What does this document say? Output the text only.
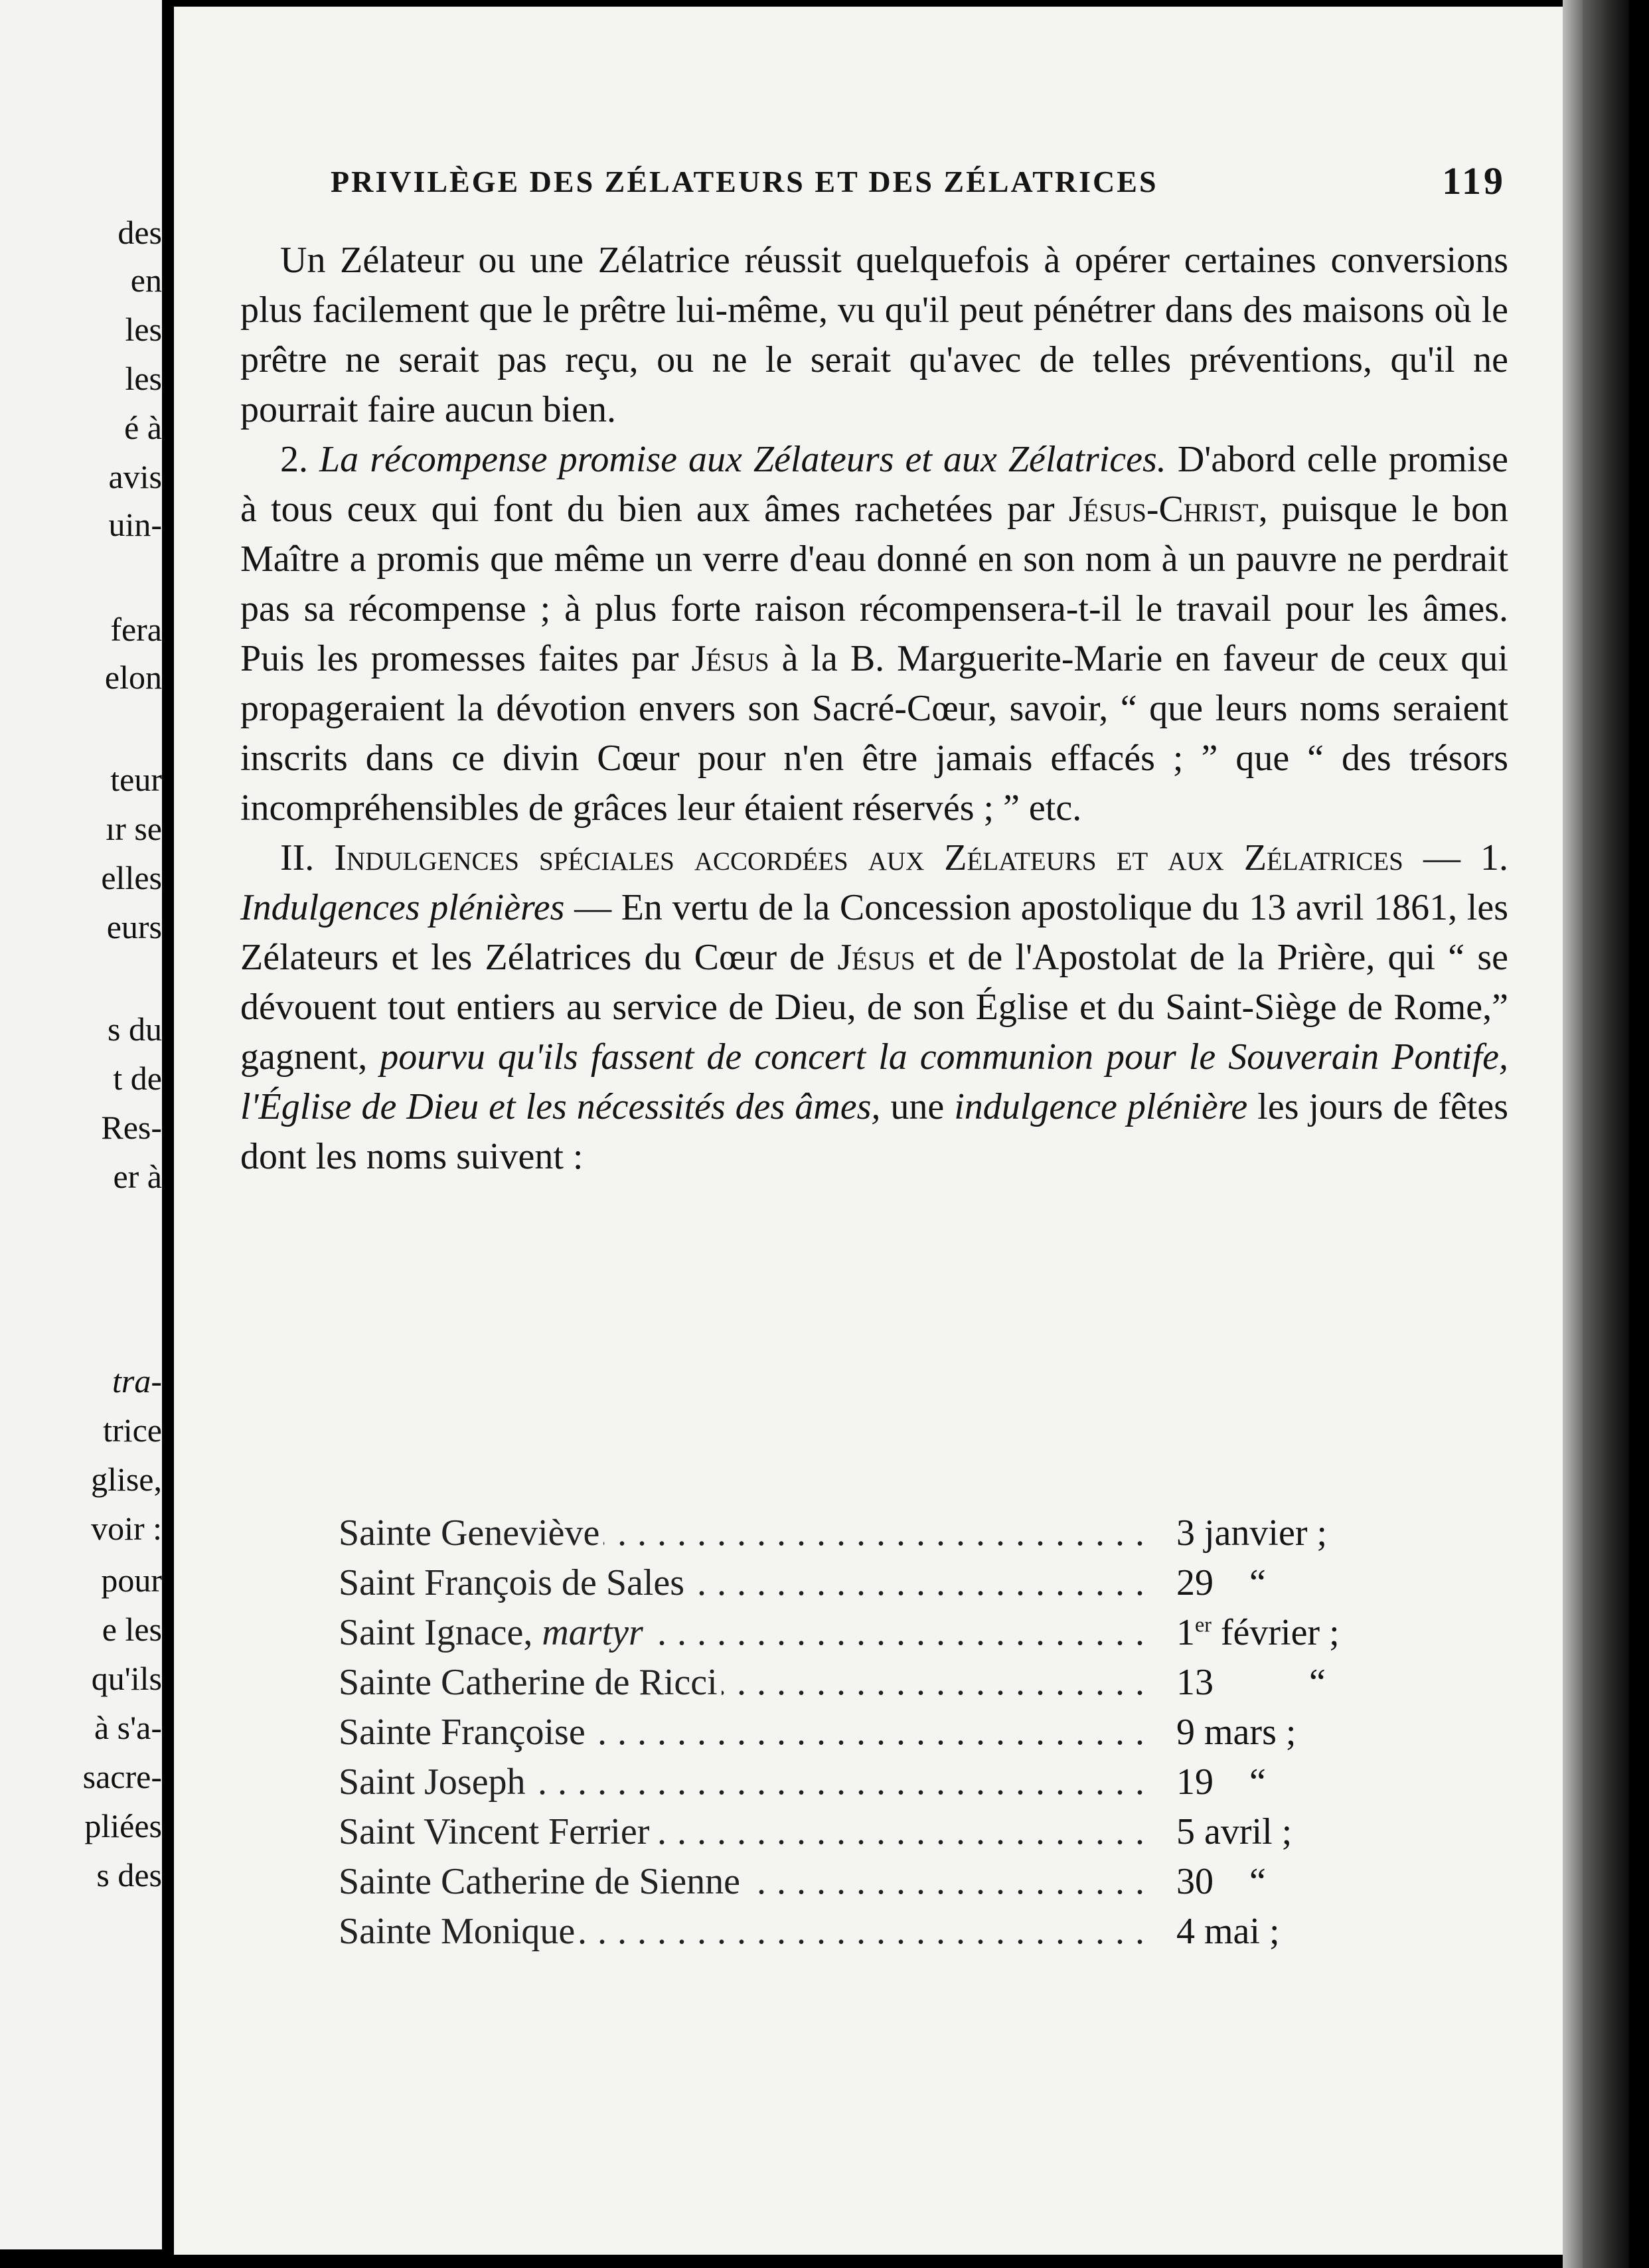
des
en
les
les
é à
avis
uin-
fera
elon
teur
ır se
elles
eurs
s du
t de
Res-
er à
tra-
trice
glise,
voir :
pour
e les
qu'ils
à s'a-
sacre-
pliées
s des
PRIVILÈGE DES ZÉLATEURS ET DES ZÉLATRICES	119

Un Zélateur ou une Zélatrice réussit quelquefois à opérer certaines conversions plus facilement que le prêtre lui-même, vu qu'il peut pénétrer dans des maisons où le prêtre ne serait pas reçu, ou ne le serait qu'avec de telles préventions, qu'il ne pourrait faire aucun bien.

2. La récompense promise aux Zélateurs et aux Zélatrices. D'abord celle promise à tous ceux qui font du bien aux âmes rachetées par Jésus-Christ, puisque le bon Maître a promis que même un verre d'eau donné en son nom à un pauvre ne perdrait pas sa récompense ; à plus forte raison récompensera-t-il le travail pour les âmes. Puis les promesses faites par Jésus à la B. Marguerite-Marie en faveur de ceux qui propageraient la dévotion envers son Sacré-Cœur, savoir, “ que leurs noms seraient inscrits dans ce divin Cœur pour n'en être jamais effacés ; ” que “ des trésors incompréhensibles de grâces leur étaient réservés ; ” etc.

II. Indulgences spéciales accordées aux Zélateurs et aux Zélatrices — 1. Indulgences plénières — En vertu de la Concession apostolique du 13 avril 1861, les Zélateurs et les Zélatrices du Cœur de Jésus et de l'Apostolat de la Prière, qui “ se dévouent tout entiers au service de Dieu, de son Église et du Saint-Siège de Rome,” gagnent, pourvu qu'ils fassent de concert la communion pour le Souverain Pontife, l'Église de Dieu et les nécessités des âmes, une indulgence plénière les jours de fêtes dont les noms suivent :

Sainte Geneviève
. . .	3 janvier ;
Saint François de Sales
. . .	29 “
Saint Ignace, martyr
. . .	1er février ;
Sainte Catherine de Ricci
. . .	13	“
Sainte Françoise
. . .	9 mars ;
Saint Joseph
. . .	19 “
Saint Vincent Ferrier
. . .	5 avril ;
Sainte Catherine de Sienne
. . .	30 “
Sainte Monique
. . .	4 mai ;
